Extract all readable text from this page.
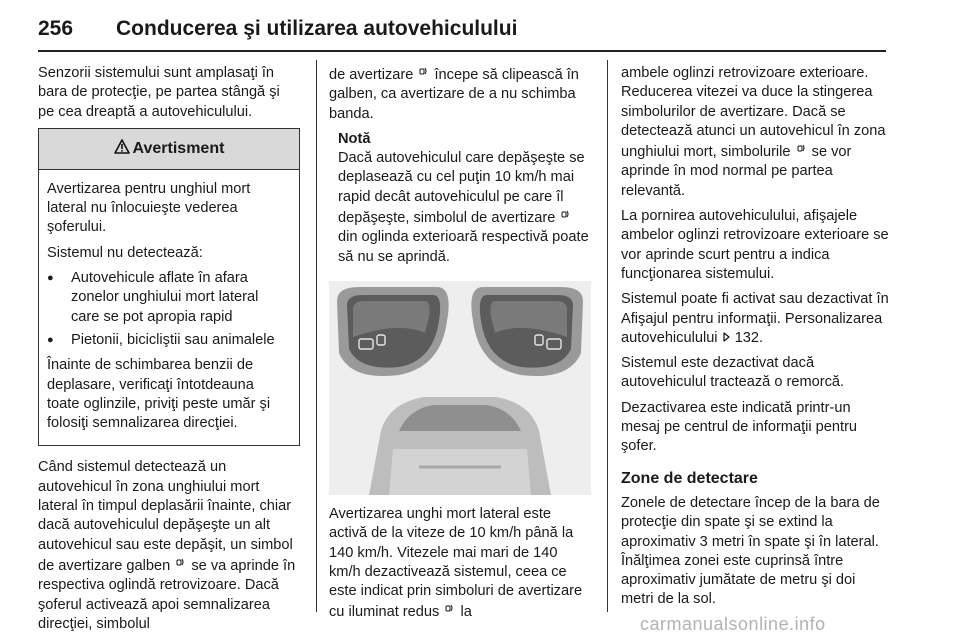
256 Conducerea şi utilizarea autovehiculului

Senzorii sistemului sunt amplasaţi în bara de protecţie, pe partea stângă şi pe cea dreaptă a autovehiculului.

Avertisment

Avertizarea pentru unghiul mort lateral nu înlocuieşte vederea şoferului.

Sistemul nu detectează:

● Autovehicule aflate în afara zonelor unghiului mort lateral care se pot apropia rapid
● Pietonii, bicicliştii sau animalele

Înainte de schimbarea benzii de deplasare, verificaţi întotdeauna toate oglinzile, priviţi peste umăr şi folosiţi semnalizarea direcţiei.

Când sistemul detectează un autovehicul în zona unghiului mort lateral în timpul deplasării înainte, chiar dacă autovehiculul depăşeşte un alt autovehicul sau este depăşit, un simbol de avertizare galben se va aprinde în respectiva oglindă retrovizoare. Dacă şoferul activează apoi semnalizarea direcţiei, simbolul

de avertizare începe să clipească în galben, ca avertizare de a nu schimba banda.

Notă
Dacă autovehiculul care depăşeşte se deplasează cu cel puţin 10 km/h mai rapid decât autovehiculul pe care îl depăşeşte, simbolul de avertizare  din oglinda exterioară respectivă poate să nu se aprindă.

Avertizarea unghi mort lateral este activă de la viteze de 10 km/h până la 140 km/h. Vitezele mai mari de 140 km/h dezactivează sistemul, ceea ce este indicat prin simboluri de avertizare cu iluminat redus la

ambele oglinzi retrovizoare exterioare. Reducerea vitezei va duce la stingerea simbolurilor de avertizare. Dacă se detectează atunci un autovehicul în zona unghiului mort, simbolurile se vor aprinde în mod normal pe partea relevantă.

La pornirea autovehiculului, afişajele ambelor oglinzi retrovizoare exterioare se vor aprinde scurt pentru a indica funcţionarea sistemului.

Sistemul poate fi activat sau dezactivat în Afişajul pentru informaţii. Personalizarea autovehiculului 132.

Sistemul este dezactivat dacă autovehiculul tractează o remorcă.

Dezactivarea este indicată printr-un mesaj pe centrul de informaţii pentru şofer.

Zone de detectare

Zonele de detectare încep de la bara de protecţie din spate şi se extind la aproximativ 3 metri în spate şi în lateral. Înălţimea zonei este cuprinsă între aproximativ jumătate de metru şi doi metri de la sol.

carmanualsonline.info
